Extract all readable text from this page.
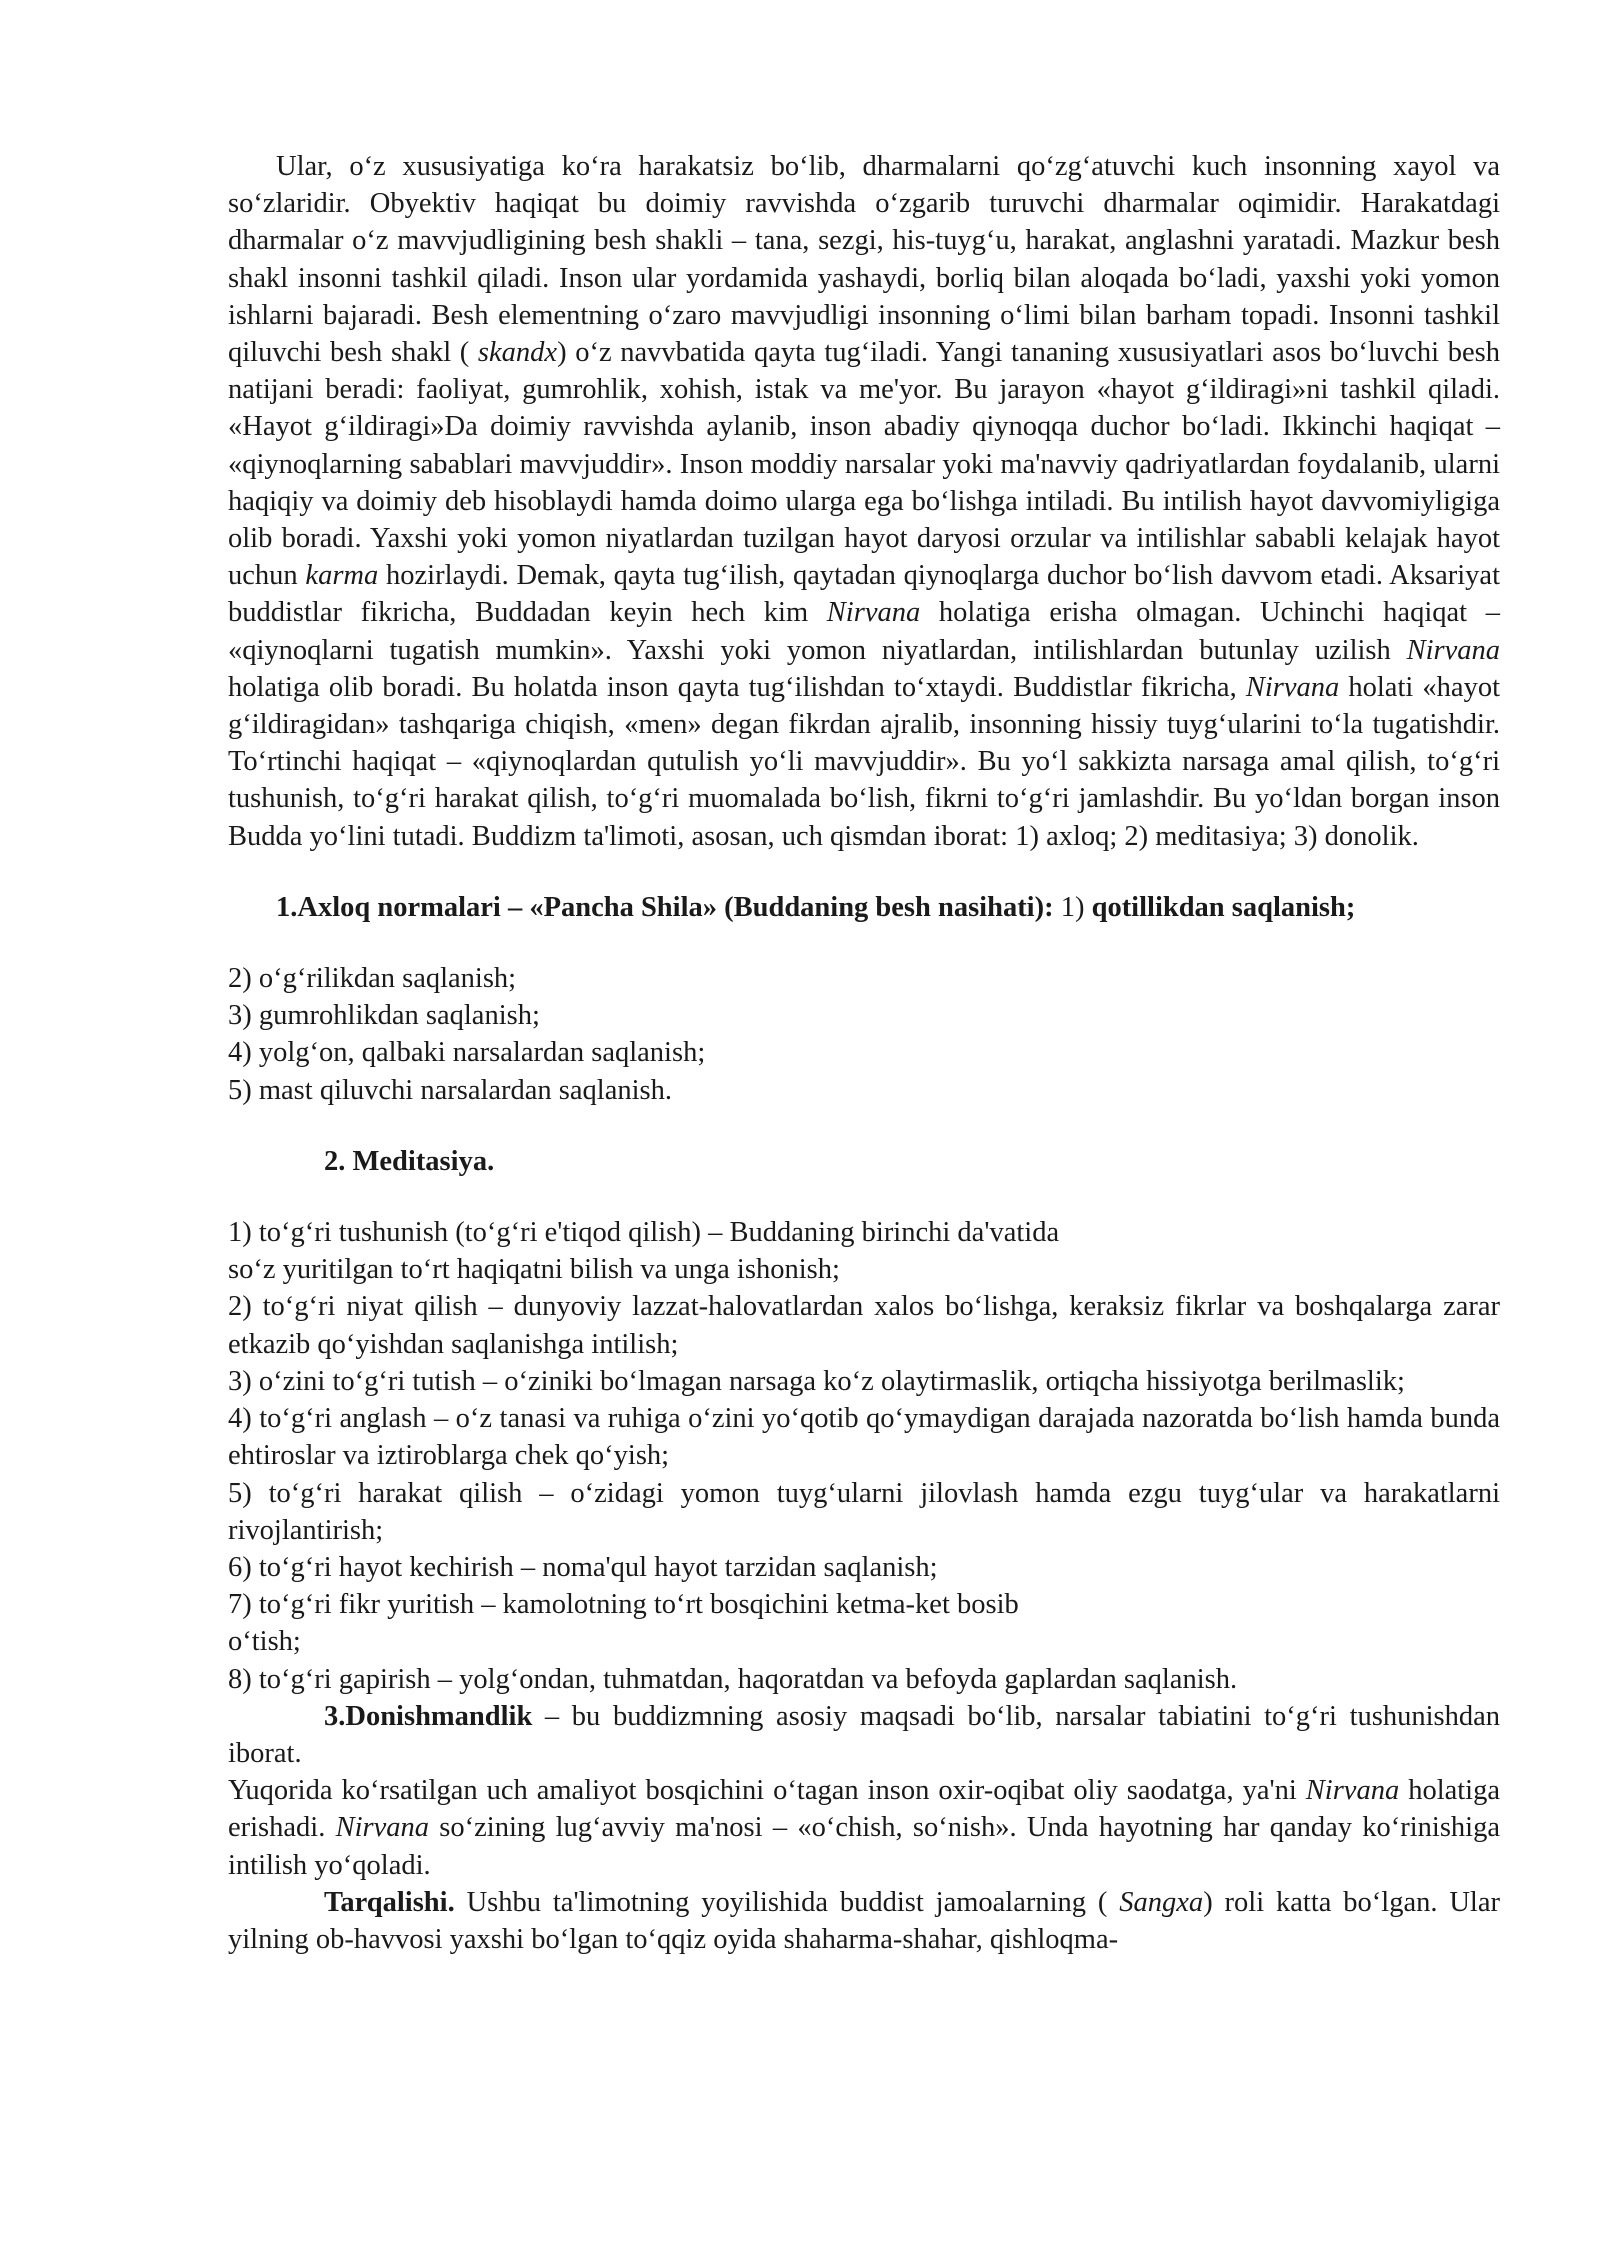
Ular, o‘z xususiyatiga ko‘ra harakatsiz bo‘lib, dharmalarni qo‘zg‘atuvchi kuch insonning xayol va so‘zlaridir. Obyektiv haqiqat bu doimiy ravvishda o‘zgarib turuvchi dharmalar oqimidir. Harakatdagi dharmalar o‘z mavvjudligining besh shakli – tana, sezgi, his-tuyg‘u, harakat, anglashni yaratadi. Mazkur besh shakl insonni tashkil qiladi. Inson ular yordamida yashaydi, borliq bilan aloqada bo‘ladi, yaxshi yoki yomon ishlarni bajaradi. Besh elementning o‘zaro mavvjudligi insonning o‘limi bilan barham topadi. Insonni tashkil qiluvchi besh shakl ( skandx) o‘z navvbatida qayta tug‘iladi. Yangi tananing xususiyatlari asos bo‘luvchi besh natijani beradi: faoliyat, gumrohlik, xohish, istak va me'yor. Bu jarayon «hayot g‘ildiragi»ni tashkil qiladi. «Hayot g‘ildiragi»Da doimiy ravvishda aylanib, inson abadiy qiynoqqa duchor bo‘ladi. Ikkinchi haqiqat – «qiynoqlarning sabablari mavvjuddir». Inson moddiy narsalar yoki ma'navviy qadriyatlardan foydalanib, ularni haqiqiy va doimiy deb hisoblaydi hamda doimo ularga ega bo‘lishga intiladi. Bu intilish hayot davvomiyligiga olib boradi. Yaxshi yoki yomon niyatlardan tuzilgan hayot daryosi orzular va intilishlar sababli kelajak hayot uchun karma hozirlaydi. Demak, qayta tug‘ilish, qaytadan qiynoqlarga duchor bo‘lish davvom etadi. Aksariyat buddistlar fikricha, Buddadan keyin hech kim Nirvana holatiga erisha olmagan. Uchinchi haqiqat – «qiynoqlarni tugatish mumkin». Yaxshi yoki yomon niyatlardan, intilishlardan butunlay uzilish Nirvana holatiga olib boradi. Bu holatda inson qayta tug‘ilishdan to‘xtaydi. Buddistlar fikricha, Nirvana holati «hayot g‘ildiragidan» tashqariga chiqish, «men» degan fikrdan ajralib, insonning hissiy tuyg‘ularini to‘la tugatishdir. To‘rtinchi haqiqat – «qiynoqlardan qutulish yo‘li mavvjuddir». Bu yo‘l sakkizta narsaga amal qilish, to‘g‘ri tushunish, to‘g‘ri harakat qilish, to‘g‘ri muomalada bo‘lish, fikrni to‘g‘ri jamlashdir. Bu yo‘ldan borgan inson Budda yo‘lini tutadi. Buddizm ta'limoti, asosan, uch qismdan iborat: 1) axloq; 2) meditasiya; 3) donolik.

1.Axloq normalari – «Pancha Shila» (Buddaning besh nasihati): 1) qotillikdan saqlanish;

2) o‘g‘rilikdan saqlanish;

3) gumrohlikdan saqlanish;

4) yolg‘on, qalbaki narsalardan saqlanish;

5) mast qiluvchi narsalardan saqlanish.

2. Meditasiya.

1) to‘g‘ri tushunish (to‘g‘ri e'tiqod qilish) – Buddaning birinchi da'vatida

so‘z yuritilgan to‘rt haqiqatni bilish va unga ishonish;

2) to‘g‘ri niyat qilish – dunyoviy lazzat-halovatlardan xalos bo‘lishga, keraksiz fikrlar va boshqalarga zarar etkazib qo‘yishdan saqlanishga intilish;

3) o‘zini to‘g‘ri tutish – o‘ziniki bo‘lmagan narsaga ko‘z olaytirmaslik, ortiqcha hissiyotga berilmaslik;

4) to‘g‘ri anglash – o‘z tanasi va ruhiga o‘zini yo‘qotib qo‘ymaydigan darajada nazoratda bo‘lish hamda bunda ehtiroslar va iztiroblarga chek qo‘yish;

5) to‘g‘ri harakat qilish – o‘zidagi yomon tuyg‘ularni jilovlash hamda ezgu tuyg‘ular va harakatlarni rivojlantirish;

6) to‘g‘ri hayot kechirish – noma'qul hayot tarzidan saqlanish;

7) to‘g‘ri fikr yuritish – kamolotning to‘rt bosqichini ketma-ket bosib

o‘tish;

8) to‘g‘ri gapirish – yolg‘ondan, tuhmatdan, haqoratdan va befoyda gaplardan saqlanish.

3.Donishmandlik – bu buddizmning asosiy maqsadi bo‘lib, narsalar tabiatini to‘g‘ri tushunishdan iborat.

Yuqorida ko‘rsatilgan uch amaliyot bosqichini o‘tagan inson oxir-oqibat oliy saodatga, ya'ni Nirvana holatiga erishadi. Nirvana so‘zining lug‘avviy ma'nosi – «o‘chish, so‘nish». Unda hayotning har qanday ko‘rinishiga intilish yo‘qoladi.

Tarqalishi. Ushbu ta'limotning yoyilishida buddist jamoalarning ( Sangxa) roli katta bo‘lgan. Ular yilning ob-havvosi yaxshi bo‘lgan to‘qqiz oyida shaharma-shahar, qishloqma-
